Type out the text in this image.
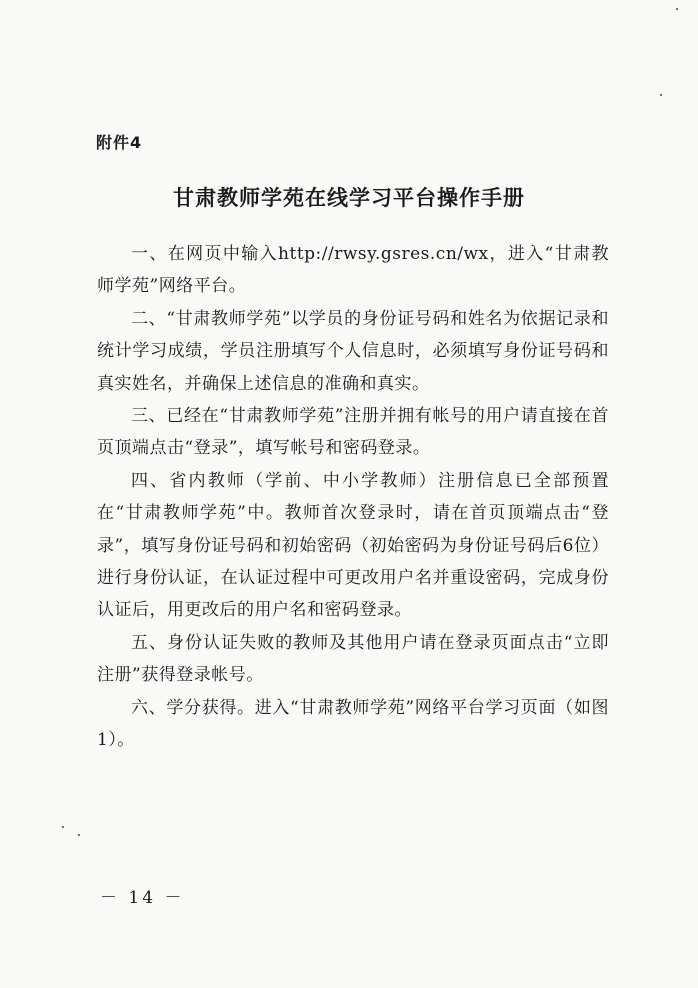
附件4
甘肃教师学苑在线学习平台操作手册

一、在网页中输入http://rwsy.gsres.cn/wx，进入“甘肃教师学苑”网络平台。

二、“甘肃教师学苑”以学员的身份证号码和姓名为依据记录和统计学习成绩，学员注册填写个人信息时，必须填写身份证号码和真实姓名，并确保上述信息的准确和真实。

三、已经在“甘肃教师学苑”注册并拥有帐号的用户请直接在首页顶端点击“登录”，填写帐号和密码登录。

四、省内教师（学前、中小学教师）注册信息已全部预置在“甘肃教师学苑”中。教师首次登录时，请在首页顶端点击“登录”，填写身份证号码和初始密码（初始密码为身份证号码后6位）进行身份认证，在认证过程中可更改用户名并重设密码，完成身份认证后，用更改后的用户名和密码登录。

五、身份认证失败的教师及其他用户请在登录页面点击“立即注册”获得登录帐号。

六、学分获得。进入“甘肃教师学苑”网络平台学习页面（如图1）。

－ 14 －
